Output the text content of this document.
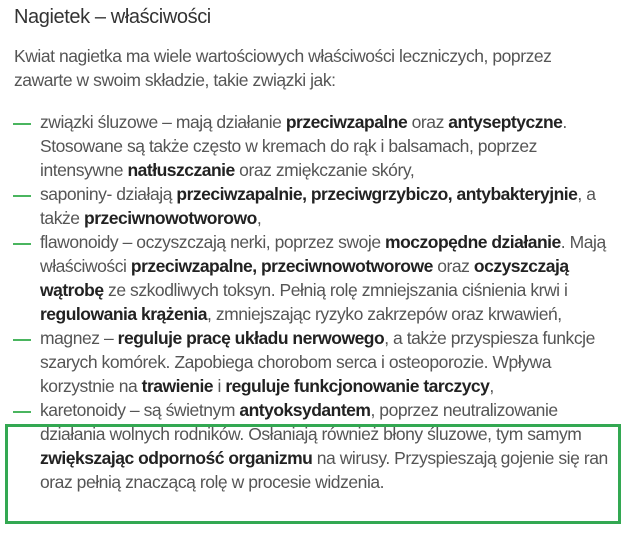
Nagietek – właściwości
Kwiat nagietka ma wiele wartościowych właściwości leczniczych, poprzez
zawarte w swoim składzie, takie związki jak:
związki śluzowe – mają działanie przeciwzapalne oraz antyseptyczne.
Stosowane są także często w kremach do rąk i balsamach, poprzez
intensywne natłuszczanie oraz zmiękczanie skóry,
saponiny- działają przeciwzapalnie, przeciwgrzybiczo, antybakteryjnie, a
także przeciwnowotworowo,
flawonoidy – oczyszczają nerki, poprzez swoje moczopędne działanie. Mają
właściwości przeciwzapalne, przeciwnowotworowe oraz oczyszczają
wątrobę ze szkodliwych toksyn. Pełnią rolę zmniejszania ciśnienia krwi i
regulowania krążenia, zmniejszając ryzyko zakrzepów oraz krwawień,
magnez – reguluje pracę układu nerwowego, a także przyspiesza funkcje
szarych komórek. Zapobiega chorobom serca i osteoporozie. Wpływa
korzystnie na trawienie i reguluje funkcjonowanie tarczycy,
karetonoidy – są świetnym antyoksydantem, poprzez neutralizowanie
działania wolnych rodników. Osłaniają również błony śluzowe, tym samym
zwiększając odporność organizmu na wirusy. Przyspieszają gojenie się ran
oraz pełnią znaczącą rolę w procesie widzenia.
